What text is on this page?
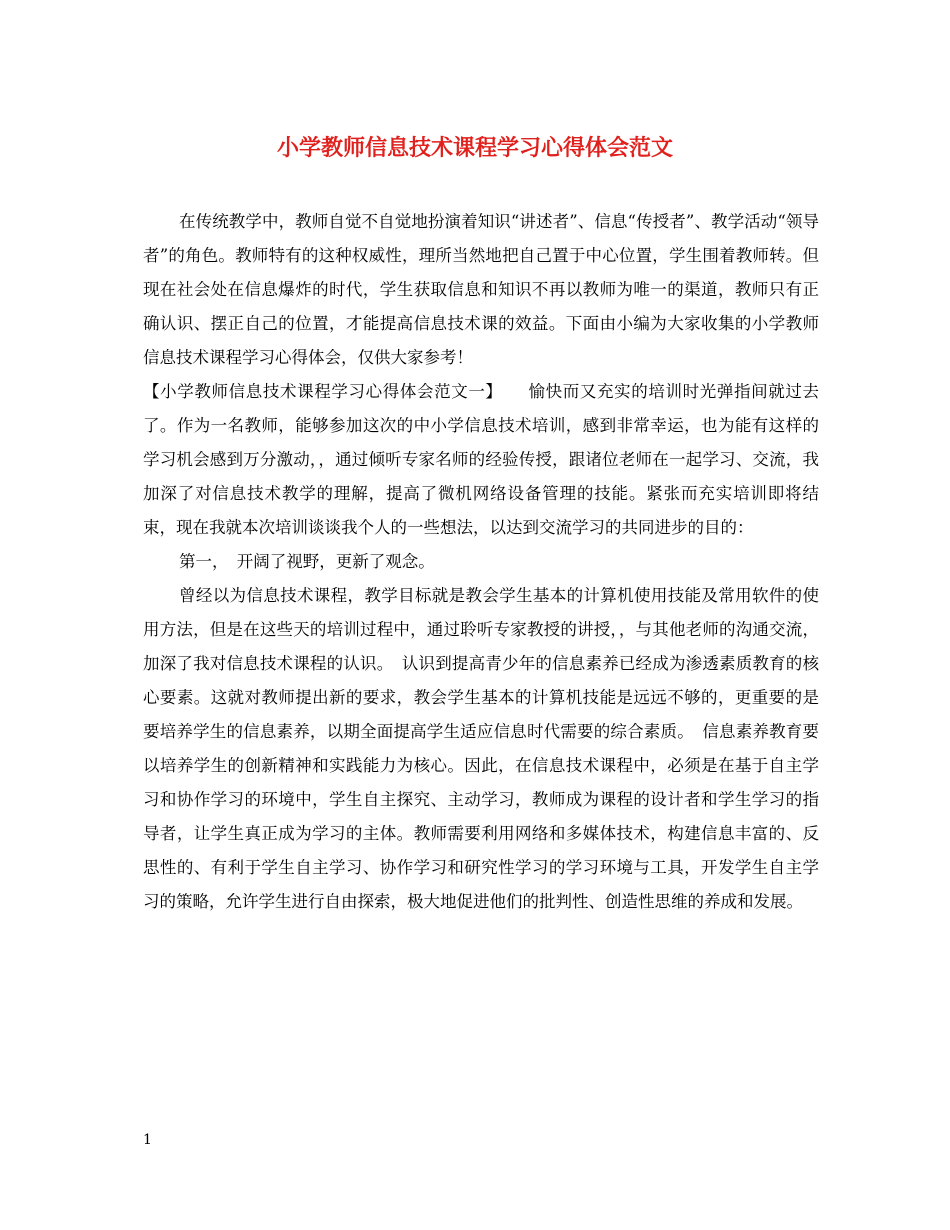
小学教师信息技术课程学习心得体会范文

在传统教学中，教师自觉不自觉地扮演着知识“讲述者”、信息“传授者”、教学活动“领导者”的角色。教师特有的这种权威性，理所当然地把自己置于中心位置，学生围着教师转。但现在社会处在信息爆炸的时代，学生获取信息和知识不再以教师为唯一的渠道，教师只有正确认识、摆正自己的位置，才能提高信息技术课的效益。下面由小编为大家收集的小学教师信息技术课程学习心得体会，仅供大家参考！

【小学教师信息技术课程学习心得体会范文一】　　愉快而又充实的培训时光弹指间就过去了。作为一名教师，能够参加这次的中小学信息技术培训，感到非常幸运，也为能有这样的学习机会感到万分激动，，通过倾听专家名师的经验传授，跟诸位老师在一起学习、交流，我加深了对信息技术教学的理解，提高了微机网络设备管理的技能。紧张而充实培训即将结束，现在我就本次培训谈谈我个人的一些想法，以达到交流学习的共同进步的目的：

第一，　开阔了视野，更新了观念。

曾经以为信息技术课程，教学目标就是教会学生基本的计算机使用技能及常用软件的使用方法，但是在这些天的培训过程中，通过聆听专家教授的讲授，，与其他老师的沟通交流，加深了我对信息技术课程的认识。　认识到提高青少年的信息素养已经成为渗透素质教育的核心要素。这就对教师提出新的要求，教会学生基本的计算机技能是远远不够的，更重要的是要培养学生的信息素养，以期全面提高学生适应信息时代需要的综合素质。　信息素养教育要以培养学生的创新精神和实践能力为核心。因此，在信息技术课程中，必须是在基于自主学习和协作学习的环境中，学生自主探究、主动学习，教师成为课程的设计者和学生学习的指导者，让学生真正成为学习的主体。教师需要利用网络和多媒体技术，构建信息丰富的、反思性的、有利于学生自主学习、协作学习和研究性学习的学习环境与工具，开发学生自主学习的策略，允许学生进行自由探索，极大地促进他们的批判性、创造性思维的养成和发展。

1
